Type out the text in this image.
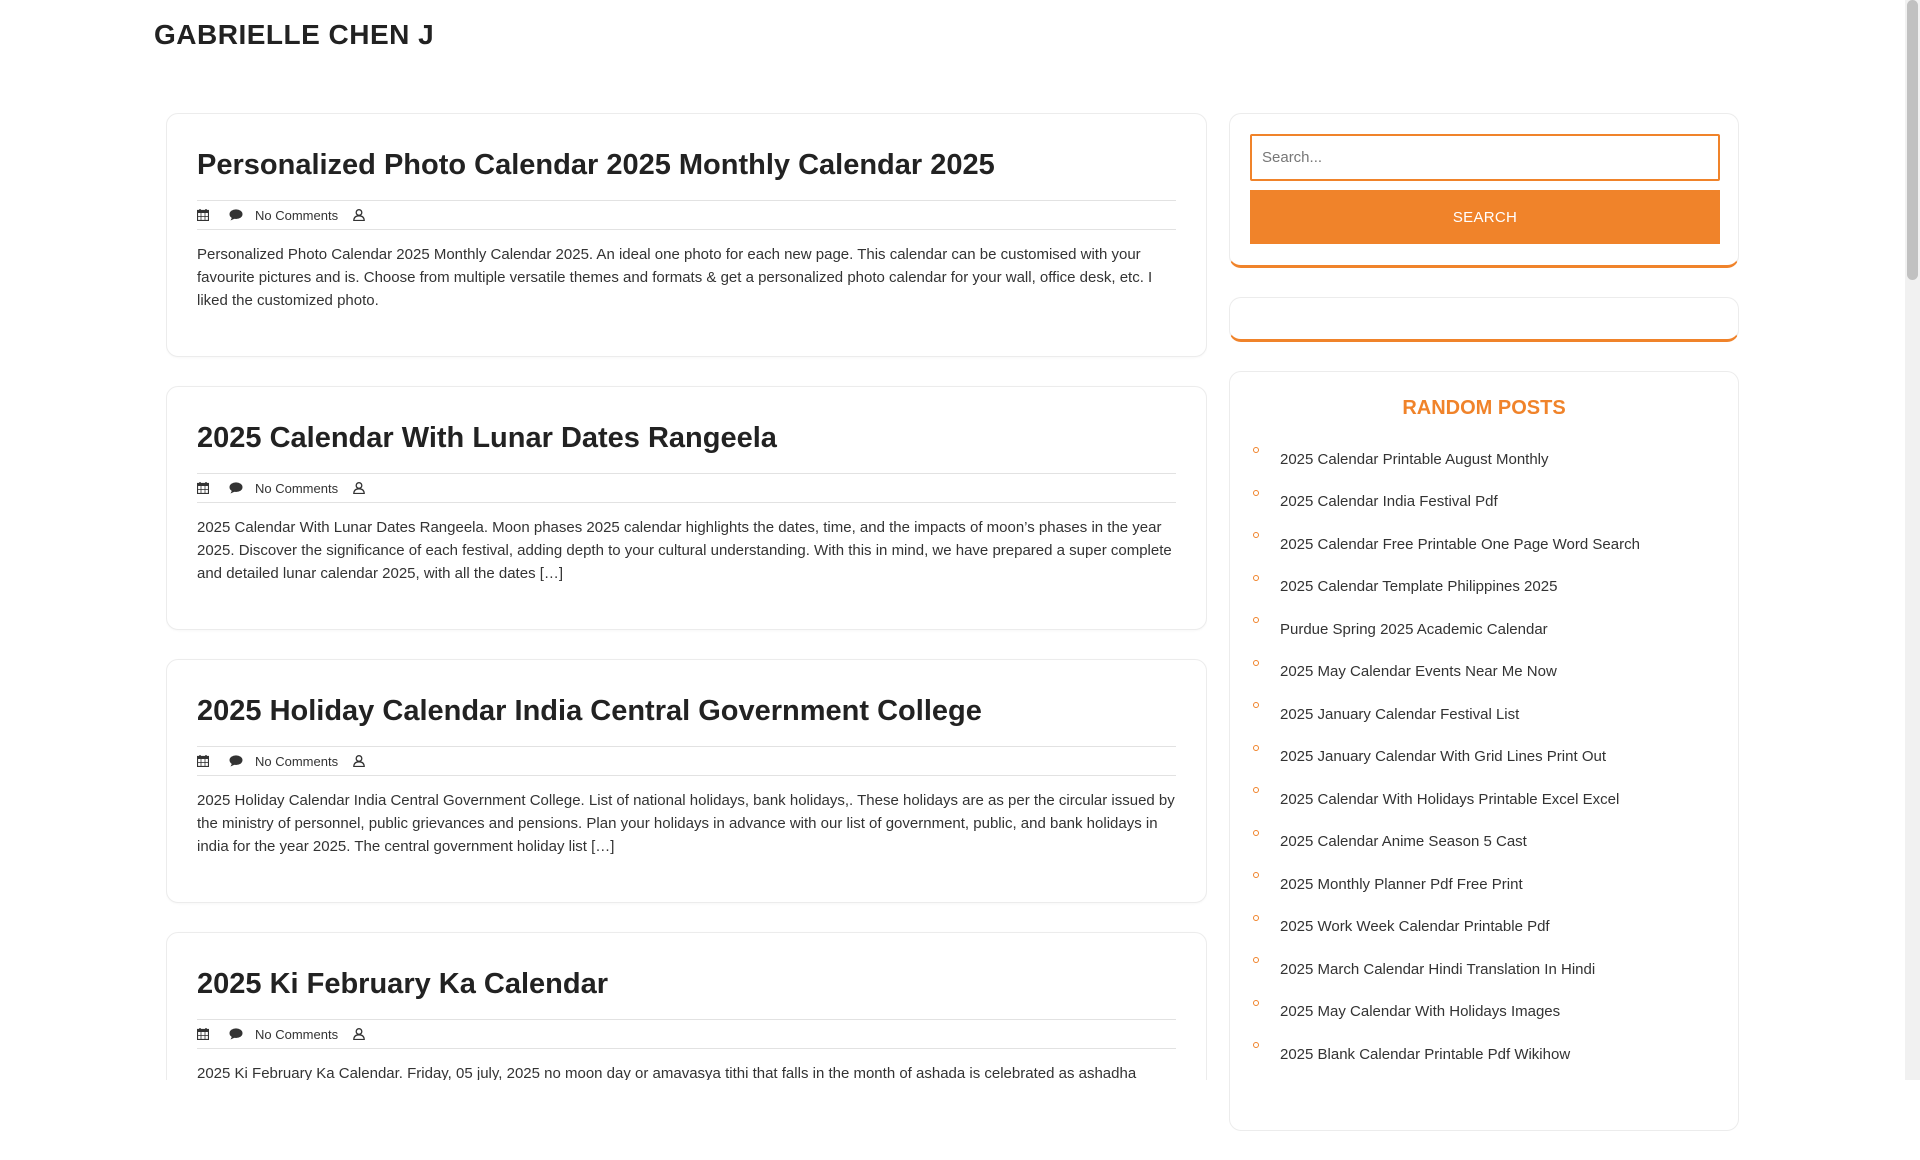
GABRIELLE CHEN J
Personalized Photo Calendar 2025 Monthly Calendar 2025
No Comments

Personalized Photo Calendar 2025 Monthly Calendar 2025. An ideal one photo for each new page. This calendar can be customised with your favourite pictures and is. Choose from multiple versatile themes and formats & get a personalized photo calendar for your wall, office desk, etc. I liked the customized photo.

2025 Calendar With Lunar Dates Rangeela
No Comments

2025 Calendar With Lunar Dates Rangeela. Moon phases 2025 calendar highlights the dates, time, and the impacts of moon’s phases in the year 2025. Discover the significance of each festival, adding depth to your cultural understanding. With this in mind, we have prepared a super complete and detailed lunar calendar 2025, with all the dates […]

2025 Holiday Calendar India Central Government College
No Comments

2025 Holiday Calendar India Central Government College. List of national holidays, bank holidays,. These holidays are as per the circular issued by the ministry of personnel, public grievances and pensions. Plan your holidays in advance with our list of government, public, and bank holidays in india for the year 2025. The central government holiday list […]

2025 Ki February Ka Calendar
No Comments

2025 Ki February Ka Calendar. Friday, 05 july, 2025 no moon day or amavasya tithi that falls in the month of ashada is celebrated as ashadha

Search...
SEARCH
RANDOM POSTS
2025 Calendar Printable August Monthly
2025 Calendar India Festival Pdf
2025 Calendar Free Printable One Page Word Search
2025 Calendar Template Philippines 2025
Purdue Spring 2025 Academic Calendar
2025 May Calendar Events Near Me Now
2025 January Calendar Festival List
2025 January Calendar With Grid Lines Print Out
2025 Calendar With Holidays Printable Excel Excel
2025 Calendar Anime Season 5 Cast
2025 Monthly Planner Pdf Free Print
2025 Work Week Calendar Printable Pdf
2025 March Calendar Hindi Translation In Hindi
2025 May Calendar With Holidays Images
2025 Blank Calendar Printable Pdf Wikihow
